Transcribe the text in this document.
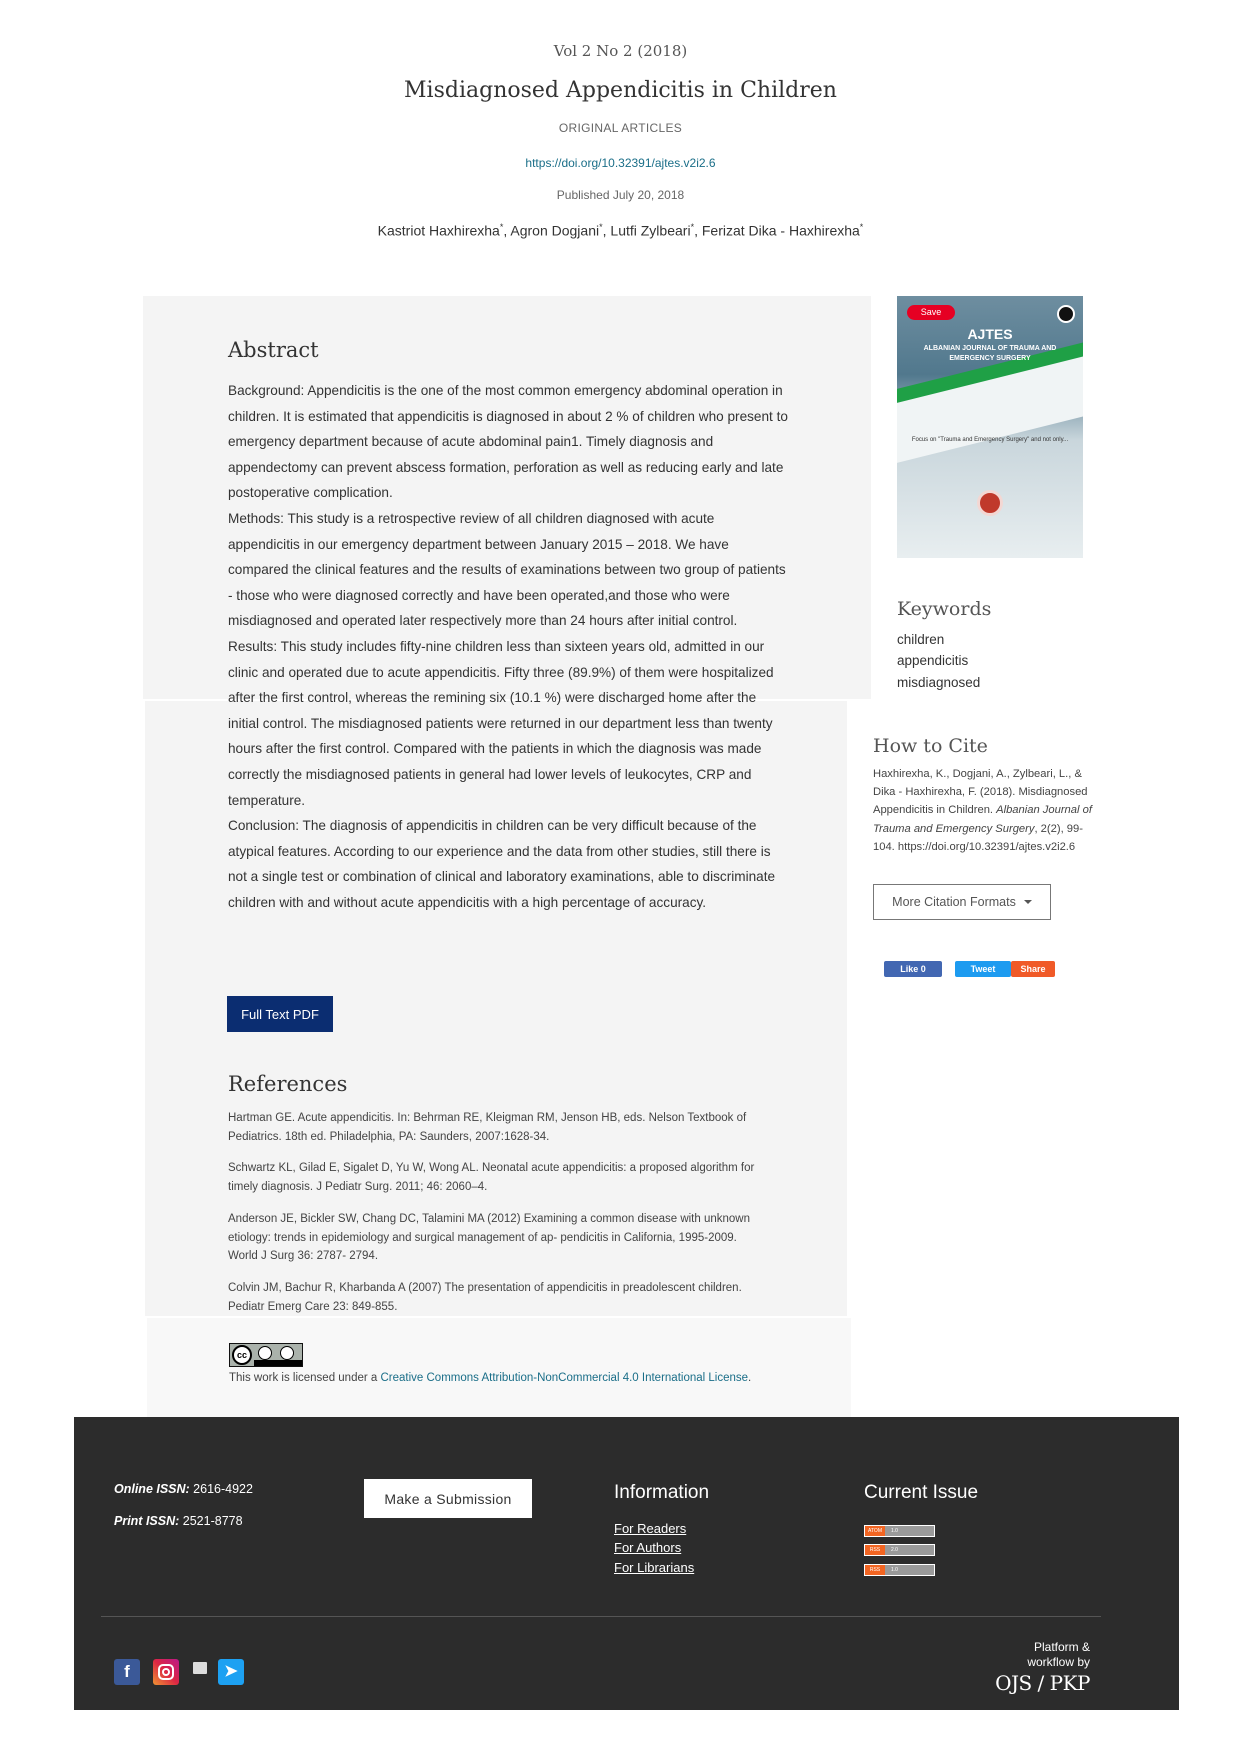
Vol 2 No 2 (2018)
Misdiagnosed Appendicitis in Children
ORIGINAL ARTICLES
https://doi.org/10.32391/ajtes.v2i2.6
Published July 20, 2018
Kastriot Haxhirexha*, Agron Dogjani*, Lutfi Zylbeari*, Ferizat Dika - Haxhirexha*
Abstract

Background: Appendicitis is the one of the most common emergency abdominal operation in children. It is estimated that appendicitis is diagnosed in about 2 % of children who present to emergency department because of acute abdominal pain1. Timely diagnosis and appendectomy can prevent abscess formation, perforation as well as reducing early and late postoperative complication.

Methods: This study is a retrospective review of all children diagnosed with acute appendicitis in our emergency department between January 2015 – 2018. We have compared the clinical features and the results of examinations between two group of patients - those who were diagnosed correctly and have been operated,and those who were misdiagnosed and operated later respectively more than 24 hours after initial control.

Results: This study includes fifty-nine children less than sixteen years old, admitted in our clinic and operated due to acute appendicitis. Fifty three (89.9%) of them were hospitalized after the first control, whereas the remining six (10.1 %) were discharged home after the initial control. The misdiagnosed patients were returned in our department less than twenty hours after the first control. Compared with the patients in which the diagnosis was made correctly the misdiagnosed patients in general had lower levels of leukocytes, CRP and temperature.

Conclusion: The diagnosis of appendicitis in children can be very difficult because of the atypical features. According to our experience and the data from other studies, still there is not a single test or combination of clinical and laboratory examinations, able to discriminate children with and without acute appendicitis with a high percentage of accuracy.

Full Text PDF
References
Hartman GE. Acute appendicitis. In: Behrman RE, Kleigman RM, Jenson HB, eds. Nelson Textbook of Pediatrics. 18th ed. Philadelphia, PA: Saunders, 2007:1628-34.
Schwartz KL, Gilad E, Sigalet D, Yu W, Wong AL. Neonatal acute appendicitis: a proposed algorithm for timely diagnosis. J Pediatr Surg. 2011; 46: 2060–4.
Anderson JE, Bickler SW, Chang DC, Talamini MA (2012) Examining a common disease with unknown etiology: trends in epidemiology and surgical management of ap- pendicitis in California, 1995-2009. World J Surg 36: 2787- 2794.
Colvin JM, Bachur R, Kharbanda A (2007) The presentation of appendicitis in preadolescent children. Pediatr Emerg Care 23: 849-855.
cc
This work is licensed under a Creative Commons Attribution-NonCommercial 4.0 International License.
Save
AJTES
ALBANIAN JOURNAL OF TRAUMA AND EMERGENCY SURGERY
Focus on "Trauma and Emergency Surgery" and not only...
Keywords
children
appendicitis
misdiagnosed
How to Cite
Haxhirexha, K., Dogjani, A., Zylbeari, L., & Dika - Haxhirexha, F. (2018). Misdiagnosed Appendicitis in Children. Albanian Journal of Trauma and Emergency Surgery, 2(2), 99-104. https://doi.org/10.32391/ajtes.v2i2.6
More Citation Formats
Like 0	Tweet	Share
Online ISSN: 2616-4922
Print ISSN: 2521-8778
Make a Submission	Information
For Readers
For Authors
For Librarians
Current Issue
ATOM	1.0
RSS	2.0
RSS	1.0
f	➤
Platform & workflow by
OJS / PKP
